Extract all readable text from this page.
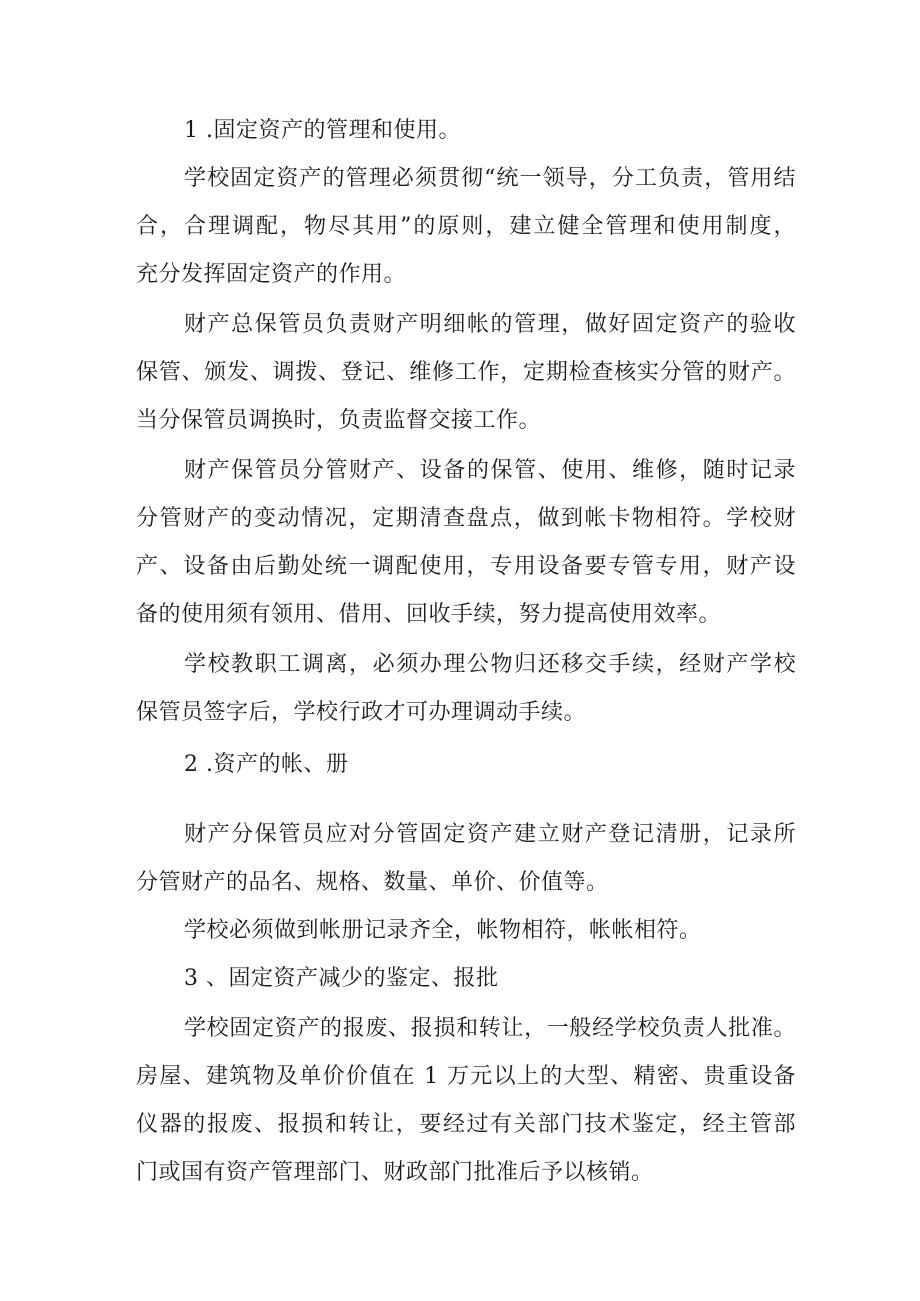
1 .固定资产的管理和使用。
学校固定资产的管理必须贯彻“统一领导，分工负责，管用结
合，合理调配，物尽其用”的原则，建立健全管理和使用制度，
充分发挥固定资产的作用。
财产总保管员负责财产明细帐的管理，做好固定资产的验收
保管、颁发、调拨、登记、维修工作，定期检查核实分管的财产。
当分保管员调换时，负责监督交接工作。
财产保管员分管财产、设备的保管、使用、维修，随时记录
分管财产的变动情况，定期清查盘点，做到帐卡物相符。学校财
产、设备由后勤处统一调配使用，专用设备要专管专用，财产设
备的使用须有领用、借用、回收手续，努力提高使用效率。
学校教职工调离，必须办理公物归还移交手续，经财产学校
保管员签字后，学校行政才可办理调动手续。
2 .资产的帐、册
财产分保管员应对分管固定资产建立财产登记清册，记录所
分管财产的品名、规格、数量、单价、价值等。
学校必须做到帐册记录齐全，帐物相符，帐帐相符。
3 、固定资产减少的鉴定、报批
学校固定资产的报废、报损和转让，一般经学校负责人批准。
房屋、建筑物及单价价值在 1 万元以上的大型、精密、贵重设备
仪器的报废、报损和转让，要经过有关部门技术鉴定，经主管部
门或国有资产管理部门、财政部门批准后予以核销。
